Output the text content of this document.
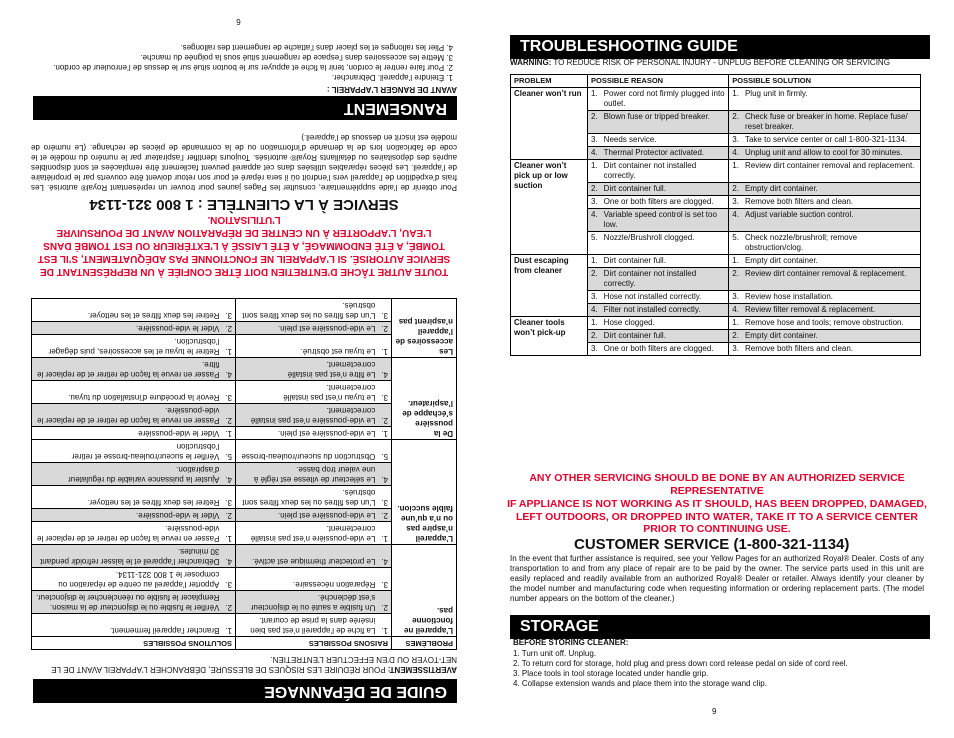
GUIDE DE DÉPANNAGE
AVERTISSEMENT: POUR RÉDUIRE LES RISQUES DE BLESSURE, DÉBRANCHER L’APPAREIL AVANT DE LE NET-TOYER OU D’EN EFFECTUER L’ENTRETIEN.
PROBLÈMES	RAISONS POSSIBLES		SOLUTIONS POSSIBLES	
L’appareil ne fonctionne pas.	1.	La fiche de l’appareil n’est pas bien insérée dans la prise de courant.	1.	Brancher l’appareil fermement.
	2.	Un fusible a sauté ou le disjoncteur s’est déclenché.	2.	Vérifier le fusible ou le disjoncteur de la maison. Remplacer le fusible ou réenclencher le disjoncteur.
	3.	Réparation nécessaire.	3.	Apporter l’appareil au centre de réparation ou composer le 1 800 321-1134.
	4.	Le protecteur thermique est activé.	4.	Débrancher l’appareil et le laisser refroidir pendant 30 minutes.
L’appareil n’aspire pas ou n’a qu’une faible succion.	1.	Le vide-poussière n’est pas installé correctement.	1.	Passer en revue la façon de retirer et de replacer le vide-poussière.
	2.	Le vide-poussière est plein.	2.	Vider le vide-poussière.
	3.	L’un des filtres ou les deux filtres sont obstrués.	3.	Retirer les deux filtres et les nettoyer.
	4.	Le sélecteur de vitesse est réglé à une valeur trop basse.	4.	Ajuster la puissance variable du régulateur d’aspiration.
	5.	Obstruction du suceur/rouleau-brosse	5.	Vérifier le suceur/rouleau-brosse et retirer l’obstruction
De la poussière s’échappe de l’aspirateur.	1.	Le vide-poussière est plein.	1.	Vider le vide-poussière
	2.	Le vide-poussière n’est pas installé correctement.	2.	Passer en revue la façon de retirer et de replacer le vide-poussière.
	3.	Le tuyau n’est pas installé correctement.	3.	Revoir la procédure d’installation du tuyau.
	4.	Le filtre n’est pas installé correctement.	4.	Passer en revue la façon de retirer et de replacer le filtre.
Les accessoires de l’appareil n’aspirent pas	1.	Le tuyau est obstrué.	1.	Retirer le tuyau et les accessoires, puis dégager l’obstruction.
	2.	Le vide-poussière est plein.	2.	Vider le vide-poussière.
	3.	L’un des filtres ou les deux filtres sont obstrués.	3.	Retirer les deux filtres et les nettoyer.
TOUTE AUTRE TÂCHE D’ENTRETIEN DOIT ÊTRE CONFIÉE À UN REPRÉSENTANT DE SERVICE AUTORISÉ. SI L’APPAREIL NE FONCTIONNE PAS ADÉQUATEMENT, S’IL EST TOMBÉ, A ÉTÉ ENDOMMAGÉ, A ÉTÉ LAISSÉ À L’EXTÉRIEUR OU EST TOMBÉ DANS L’EAU, L’APPORTER À UN CENTRE DE RÉPARATION AVANT DE POURSUIVRE L’UTILISATION.
SERVICE À LA CLIENTÈLE : 1 800 321-1134
Pour obtenir de l’aide supplémentaire, consulter les Pages jaunes pour trouver un représentant Royal® autorisé. Les frais d’expédition de l’appareil vers l’endroit où il sera réparé et pour son retour doivent être couverts par le propriétaire de l’appareil. Les pièces réparables utilisées dans cet appareil peuvent facilement être remplacées et sont disponibles auprès des dépositaires ou détaillants Royal® autorisés. Toujours identifier l’aspirateur par le numéro du modèle et le code de fabrication lors de la demande d’information ou de la commande de pièces de rechange. (Le numéro de modèle est inscrit en dessous de l’appareil.)
RANGEMENT
AVANT DE RANGER L’APPAREIL :
1. Éteindre l’appareil. Débrancher.
2. Pour faire rentrer le cordon, tenir la fiche et appuyer sur le bouton situé sur le dessus de l’enrouleur de cordon.
3. Mettre les accessoires dans l’espace de rangement situé sous la poignée du manche.
4. Plier les rallonges et les placer dans l’attache de rangement des rallonges.
6
TROUBLESHOOTING GUIDE
WARNING: TO REDUCE RISK OF PERSONAL INJURY - UNPLUG BEFORE CLEANING OR SERVICING
PROBLEM	POSSIBLE REASON		POSSIBLE SOLUTION	
Cleaner won’t run	1.	Power cord not firmly plugged into outlet.	1.	Plug unit in firmly.
	2.	Blown fuse or tripped breaker.	2.	Check fuse or breaker in home. Replace fuse/ reset breaker.
	3.	Needs service.	3.	Take to service center or call 1-800-321-1134.
	4.	Thermal Protector activated.	4.	Unplug unit and allow to cool for 30 minutes.
Cleaner won’t pick up or low suction	1.	Dirt container not installed correctly.	1.	Review dirt container removal and replacement.
	2.	Dirt container full.	2.	Empty dirt container.
	3.	One or both filters are clogged.	3.	Remove both filters and clean.
	4.	Variable speed control is set too low.	4.	Adjust variable suction control.
	5.	Nozzle/Brushroll clogged.	5.	Check nozzle/brushroll; remove obstruction/clog.
Dust escaping from cleaner	1.	Dirt container full.	1.	Empty dirt container.
	2.	Dirt container not installed correctly.	2.	Review dirt container removal & replacement.
	3.	Hose not installed correctly.	3.	Review hose installation.
	4.	Filter not installed correctly.	4.	Review filter removal & replacement.
Cleaner tools won’t pick-up	1.	Hose clogged.	1.	Remove hose and tools; remove obstruction.
	2.	Dirt container full.	2.	Empty dirt container.
	3.	One or both filters are clogged.	3.	Remove both filters and clean.
ANY OTHER SERVICING SHOULD BE DONE BY AN AUTHORIZED SERVICE REPRESENTATIVE
IF APPLIANCE IS NOT WORKING AS IT SHOULD, HAS BEEN DROPPED, DAMAGED, LEFT OUTDOORS, OR DROPPED INTO WATER, TAKE IT TO A SERVICE CENTER PRIOR TO CONTINUING USE.
CUSTOMER SERVICE (1-800-321-1134)
In the event that further assistance is required, see your Yellow Pages for an authorized Royal® Dealer. Costs of any transportation to and from any place of repair are to be paid by the owner. The service parts used in this unit are easily replaced and readily available from an authorized Royal® Dealer or retailer. Always identify your cleaner by the model number and manufacturing code when requesting information or ordering replacement parts. (The model number appears on the bottom of the cleaner.)
STORAGE
BEFORE STORING CLEANER:
1. Turn unit off. Unplug.
2. To return cord for storage, hold plug and press down cord release pedal on side of cord reel.
3. Place tools in tool storage located under handle grip.
4. Collapse extension wands and place them into the storage wand clip.
9
